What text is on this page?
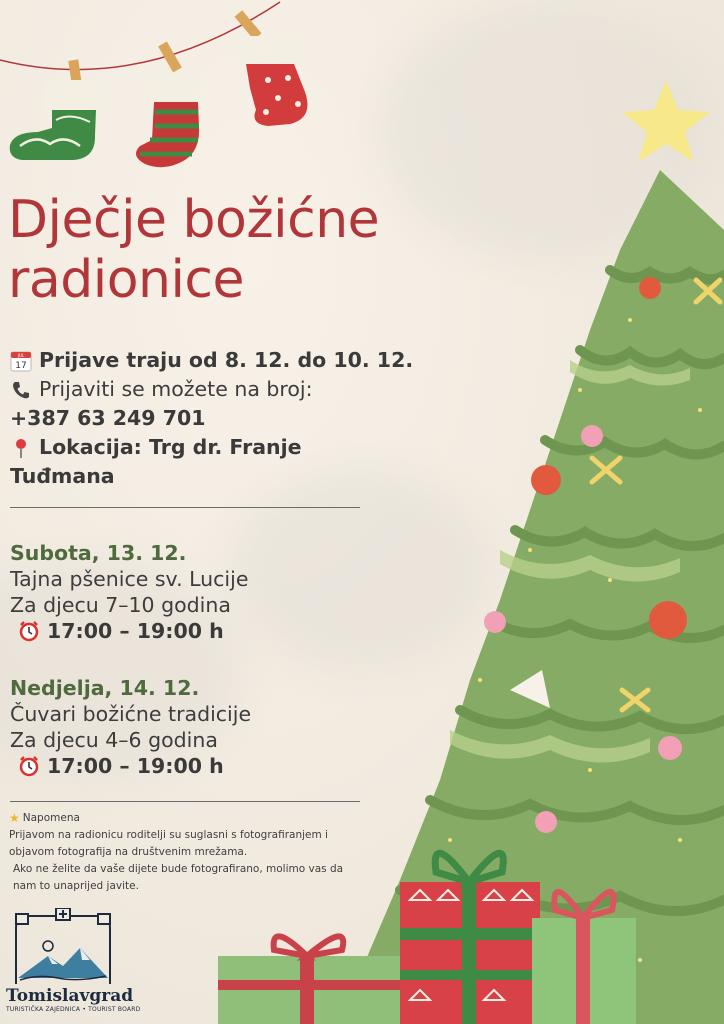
Dječje božićne
radionice
JUL
17 Prijave traju od 8. 12. do 10. 12.
Prijaviti se možete na broj:
+387 63 249 701
Lokacija: Trg dr. Franje
Tuđmana
Subota, 13. 12.
Tajna pšenice sv. Lucije
Za djecu 7–10 godina
17:00 – 19:00 h
Nedjelja, 14. 12.
Čuvari božićne tradicije
Za djecu 4–6 godina
17:00 – 19:00 h
★ Napomena
Prijavom na radionicu roditelji su suglasni s fotografiranjem i objavom fotografija na društvenim mrežama.
Ako ne želite da vaše dijete bude fotografirano, molimo vas da nam to unaprijed javite.
Tomislavgrad
TURISTIČKA ZAJEDNICA • TOURIST BOARD
